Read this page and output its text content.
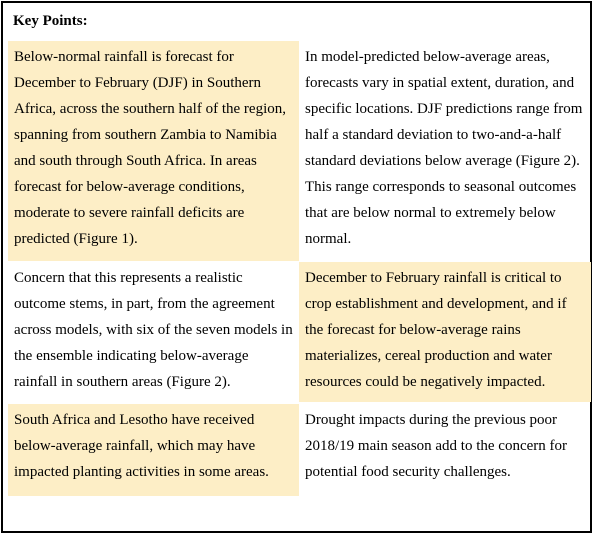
Key Points:

Below-normal rainfall is forecast for December to February (DJF) in Southern Africa, across the southern half of the region, spanning from southern Zambia to Namibia and south through South Africa. In areas forecast for below-average conditions, moderate to severe rainfall deficits are predicted (Figure 1).

In model-predicted below-average areas, forecasts vary in spatial extent, duration, and specific locations. DJF predictions range from half a standard deviation to two-and-a-half standard deviations below average (Figure 2). This range corresponds to seasonal outcomes that are below normal to extremely below normal.

Concern that this represents a realistic outcome stems, in part, from the agreement across models, with six of the seven models in the ensemble indicating below-average rainfall in southern areas (Figure 2).

December to February rainfall is critical to crop establishment and development, and if the forecast for below-average rains materializes, cereal production and water resources could be negatively impacted.

South Africa and Lesotho have received below-average rainfall, which may have impacted planting activities in some areas.

Drought impacts during the previous poor 2018/19 main season add to the concern for potential food security challenges.
